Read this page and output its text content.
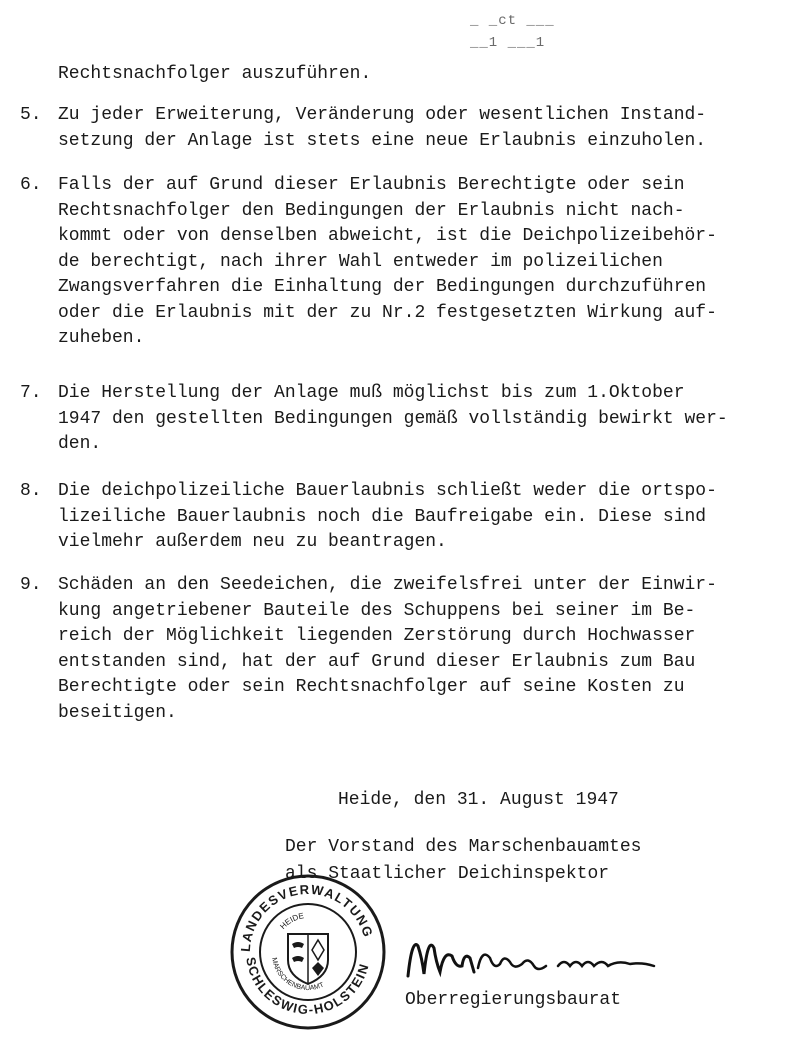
_ _ct ___
__1 ___1
Rechtsnachfolger auszuführen.
5. Zu jeder Erweiterung, Veränderung oder wesentlichen Instand-
setzung der Anlage ist stets eine neue Erlaubnis einzuholen.
6. Falls der auf Grund dieser Erlaubnis Berechtigte oder sein
Rechtsnachfolger den Bedingungen der Erlaubnis nicht nach-
kommt oder von denselben abweicht, ist die Deichpolizeibehör-
de berechtigt, nach ihrer Wahl entweder im polizeilichen
Zwangsverfahren die Einhaltung der Bedingungen durchzuführen
oder die Erlaubnis mit der zu Nr.2 festgesetzten Wirkung auf-
zuheben.
7. Die Herstellung der Anlage muß möglichst bis zum 1.Oktober
1947 den gestellten Bedingungen gemäß vollständig bewirkt wer-
den.
8. Die deichpolizeiliche Bauerlaubnis schließt weder die ortspo-
lizeiliche Bauerlaubnis noch die Baufreigabe ein. Diese sind
vielmehr außerdem neu zu beantragen.
9. Schäden an den Seedeichen, die zweifelsfrei unter der Einwir-
kung angetriebener Bauteile des Schuppens bei seiner im Be-
reich der Möglichkeit liegenden Zerstörung durch Hochwasser
entstanden sind, hat der auf Grund dieser Erlaubnis zum Bau
Berechtigte oder sein Rechtsnachfolger auf seine Kosten zu
beseitigen.
Heide, den 31. August 1947
Der Vorstand des Marschenbauamtes
als Staatlicher Deichinspektor
LANDESVERWALTUNG
SCHLESWIG-HOLSTEIN
HEIDE
MARSCHENBAUAMT
Oberregierungsbaurat
